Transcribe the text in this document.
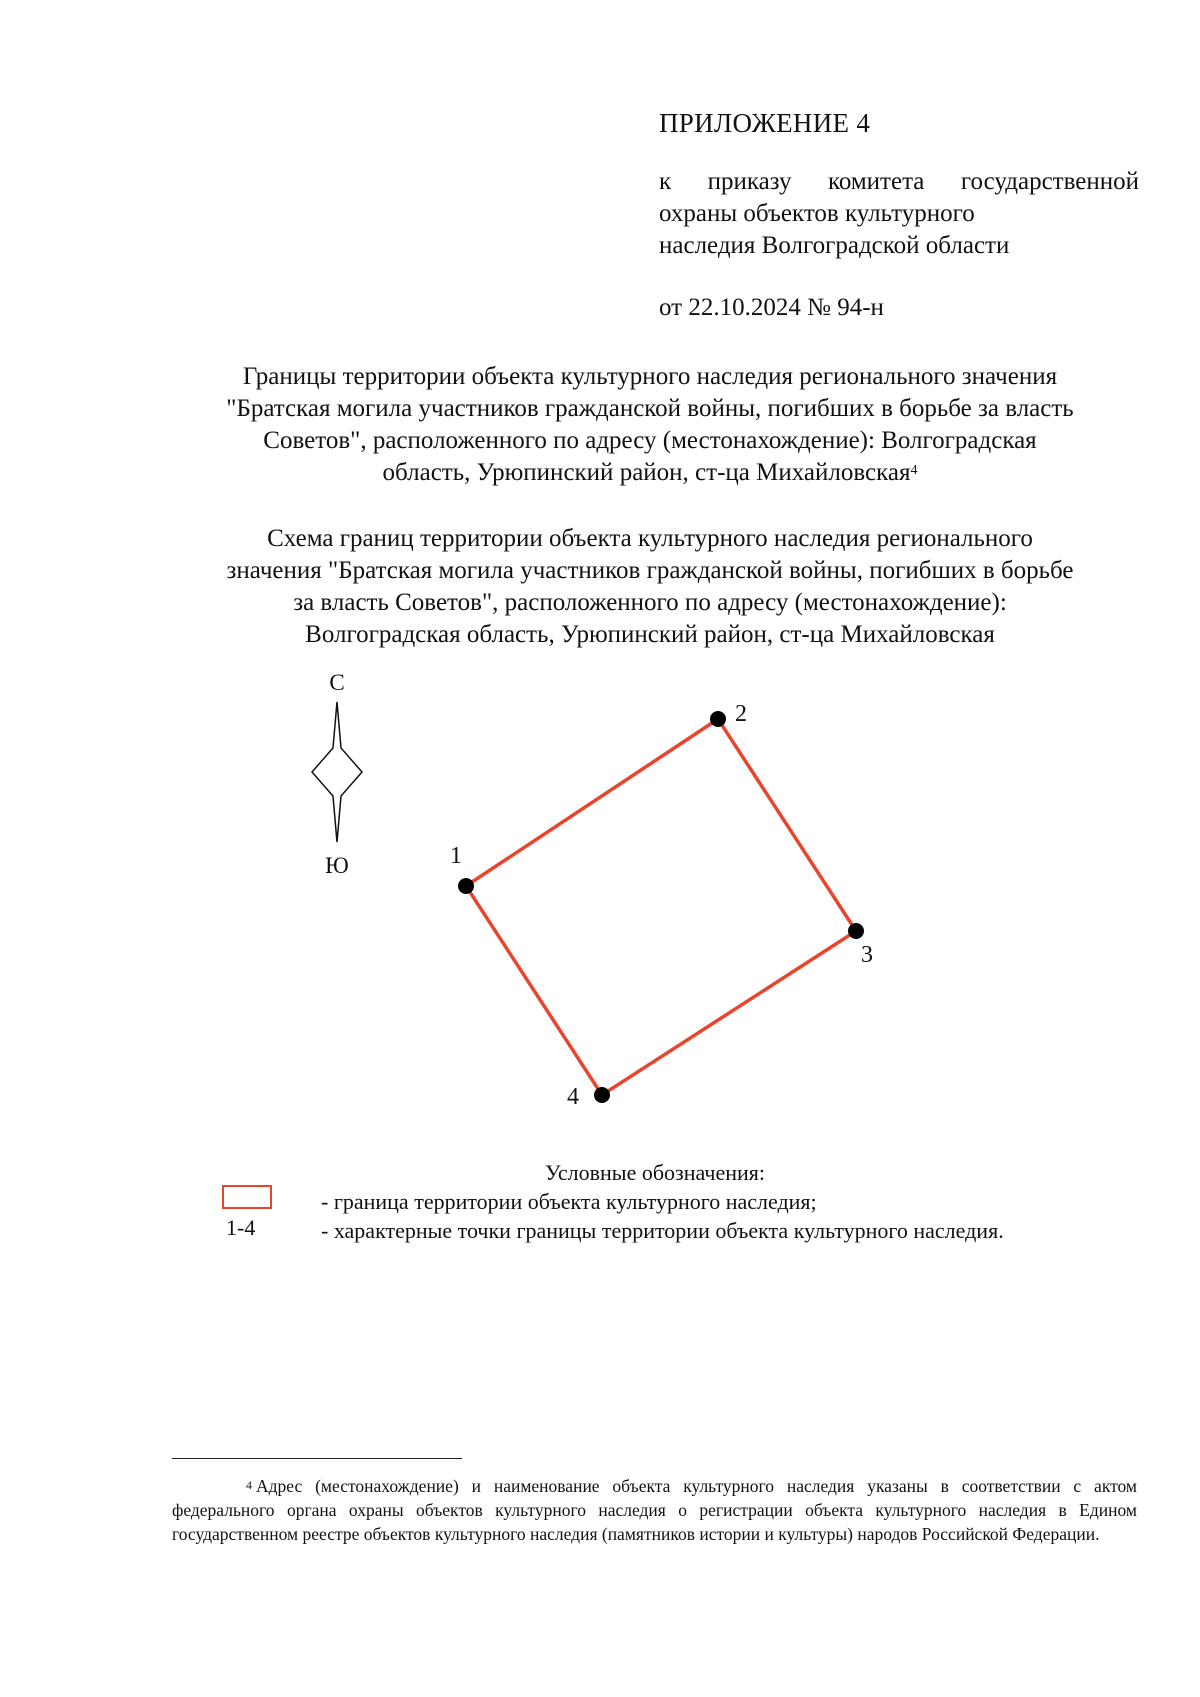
ПРИЛОЖЕНИЕ 4
к приказу комитета государственной
охраны объектов культурного
наследия Волгоградской области
от 22.10.2024 № 94-н
Границы территории объекта культурного наследия регионального значения
"Братская могила участников гражданской войны, погибших в борьбе за власть
Советов", расположенного по адресу (местонахождение): Волгоградская
область, Урюпинский район, ст-ца Михайловская$^4$
Схема границ территории объекта культурного наследия регионального
значения "Братская могила участников гражданской войны, погибших в борьбе
за власть Советов", расположенного по адресу (местонахождение):
Волгоградская область, Урюпинский район, ст-ца Михайловская
С
Ю	1
2
3
4
Условные обозначения:
1-4
- граница территории объекта культурного наследия;
- характерные точки границы территории объекта культурного наследия.
$^4$ Адрес (местонахождение) и наименование объекта культурного наследия указаны в соответствии с актом федерального органа охраны объектов культурного наследия о регистрации объекта культурного наследия в Едином государственном реестре объектов культурного наследия (памятников истории и культуры) народов Российской Федерации.
